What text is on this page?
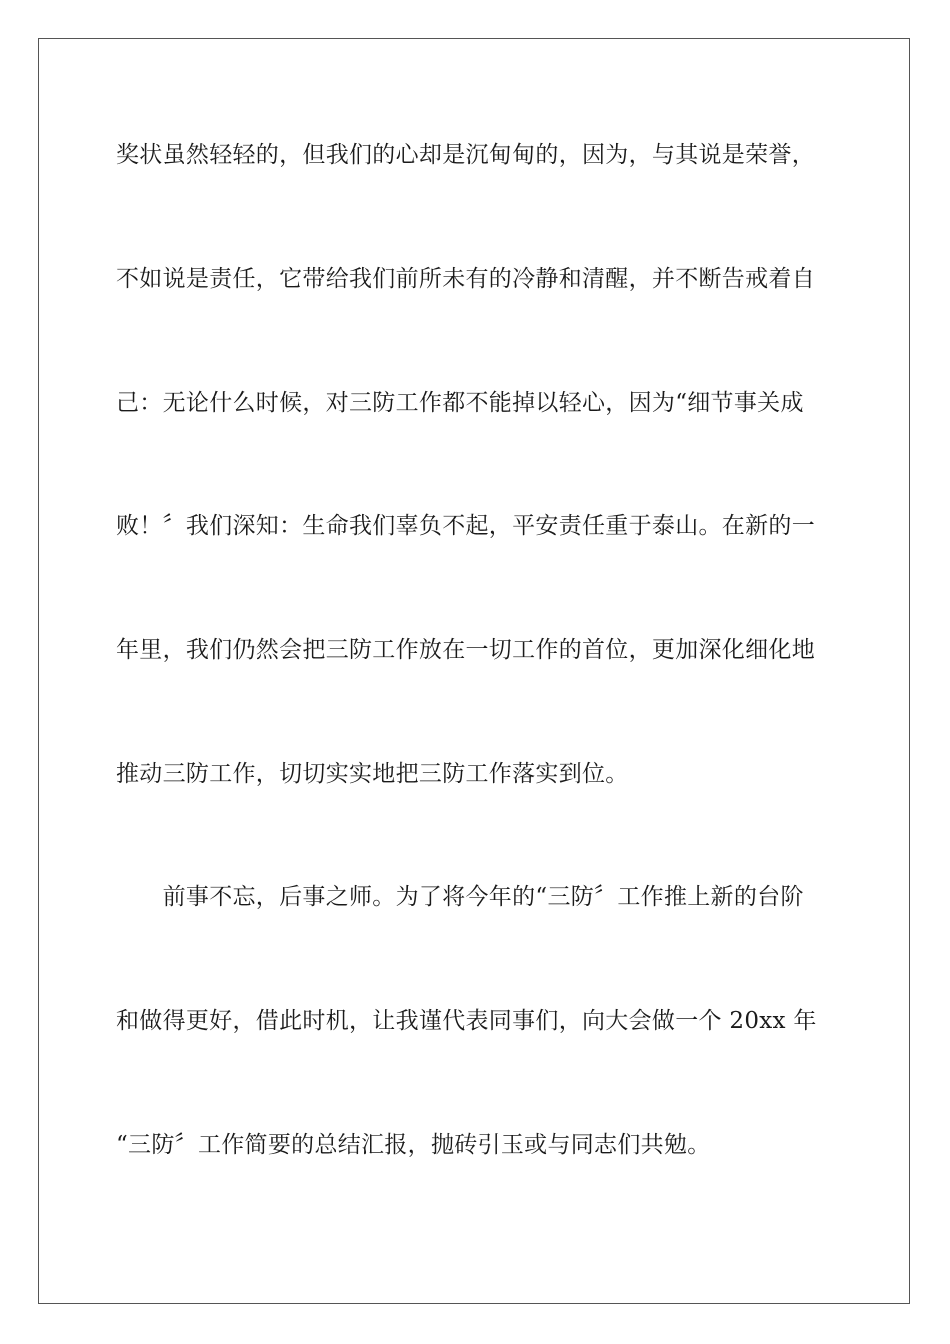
奖状虽然轻轻的，但我们的心却是沉甸甸的，因为，与其说是荣誉，
不如说是责任，它带给我们前所未有的冷静和清醒，并不断告戒着自
己：无论什么时候，对三防工作都不能掉以轻心，因为“细节事关成
败！〞我们深知：生命我们辜负不起，平安责任重于泰山。在新的一
年里，我们仍然会把三防工作放在一切工作的首位，更加深化细化地
推动三防工作，切切实实地把三防工作落实到位。
　　前事不忘，后事之师。为了将今年的“三防〞工作推上新的台阶
和做得更好，借此时机，让我谨代表同事们，向大会做一个 20xx 年
“三防〞工作简要的总结汇报，抛砖引玉或与同志们共勉。
